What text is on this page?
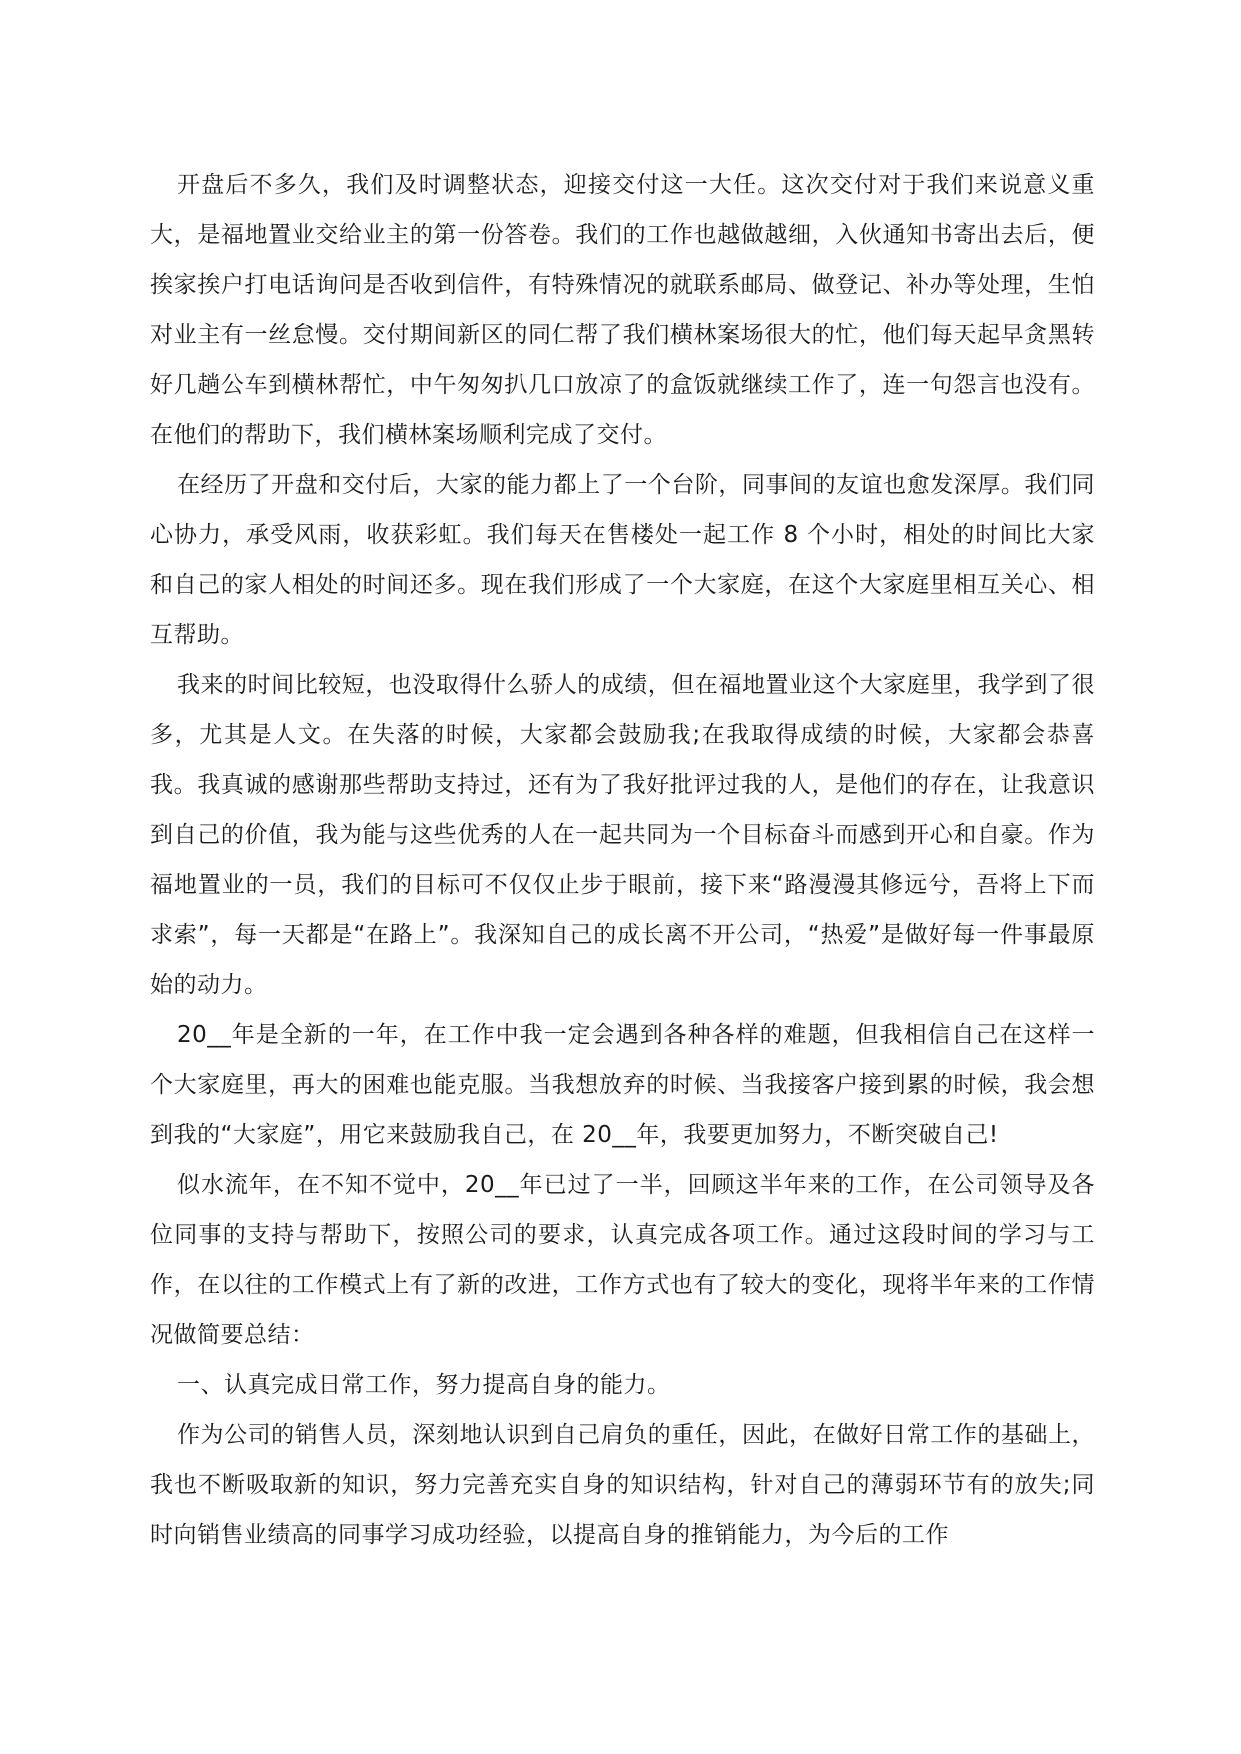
开盘后不多久，我们及时调整状态，迎接交付这一大任。这次交付对于我们来说意义重大，是福地置业交给业主的第一份答卷。我们的工作也越做越细，入伙通知书寄出去后，便挨家挨户打电话询问是否收到信件，有特殊情况的就联系邮局、做登记、补办等处理，生怕对业主有一丝怠慢。交付期间新区的同仁帮了我们横林案场很大的忙，他们每天起早贪黑转好几趟公车到横林帮忙，中午匆匆扒几口放凉了的盒饭就继续工作了，连一句怨言也没有。在他们的帮助下，我们横林案场顺利完成了交付。

在经历了开盘和交付后，大家的能力都上了一个台阶，同事间的友谊也愈发深厚。我们同心协力，承受风雨，收获彩虹。我们每天在售楼处一起工作 8 个小时，相处的时间比大家和自己的家人相处的时间还多。现在我们形成了一个大家庭，在这个大家庭里相互关心、相互帮助。

我来的时间比较短，也没取得什么骄人的成绩，但在福地置业这个大家庭里，我学到了很多，尤其是人文。在失落的时候，大家都会鼓励我;在我取得成绩的时候，大家都会恭喜我。我真诚的感谢那些帮助支持过，还有为了我好批评过我的人，是他们的存在，让我意识到自己的价值，我为能与这些优秀的人在一起共同为一个目标奋斗而感到开心和自豪。作为福地置业的一员，我们的目标可不仅仅止步于眼前，接下来“路漫漫其修远兮，吾将上下而求索”，每一天都是“在路上”。我深知自己的成长离不开公司，“热爱”是做好每一件事最原始的动力。

20__年是全新的一年，在工作中我一定会遇到各种各样的难题，但我相信自己在这样一个大家庭里，再大的困难也能克服。当我想放弃的时候、当我接客户接到累的时候，我会想到我的“大家庭”，用它来鼓励我自己，在 20__年，我要更加努力，不断突破自己!

似水流年，在不知不觉中，20__年已过了一半，回顾这半年来的工作，在公司领导及各位同事的支持与帮助下，按照公司的要求，认真完成各项工作。通过这段时间的学习与工作，在以往的工作模式上有了新的改进，工作方式也有了较大的变化，现将半年来的工作情况做简要总结：

一、认真完成日常工作，努力提高自身的能力。

作为公司的销售人员，深刻地认识到自己肩负的重任，因此，在做好日常工作的基础上，我也不断吸取新的知识，努力完善充实自身的知识结构，针对自己的薄弱环节有的放失;同时向销售业绩高的同事学习成功经验，以提高自身的推销能力，为今后的工作
